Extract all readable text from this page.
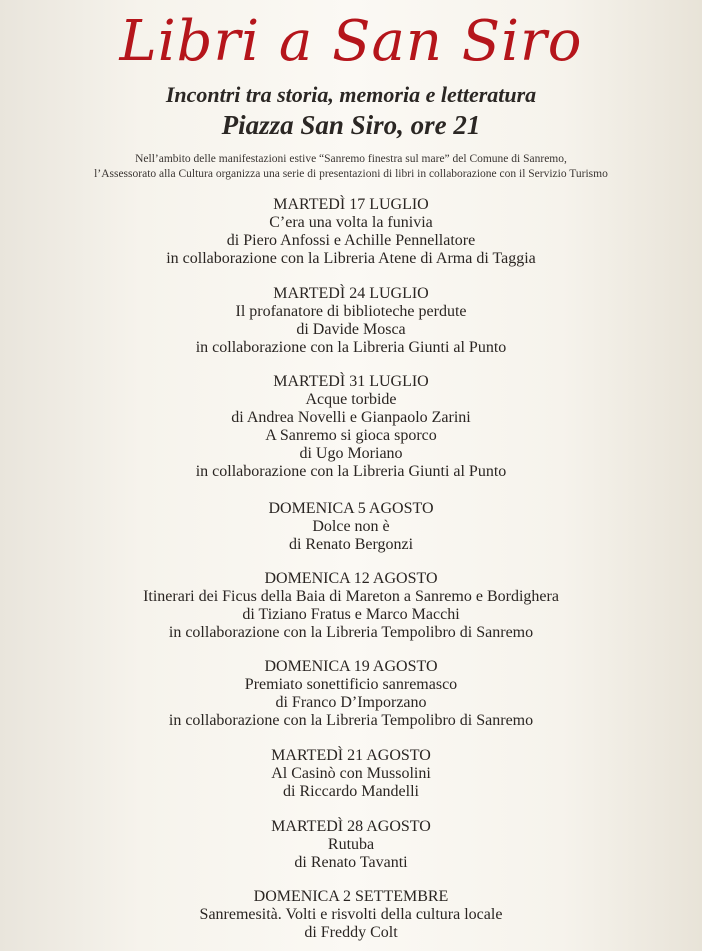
Libri a San Siro
Incontri tra storia, memoria e letteratura
Piazza San Siro, ore 21
Nell’ambito delle manifestazioni estive “Sanremo finestra sul mare” del Comune di Sanremo,
l’Assessorato alla Cultura organizza una serie di presentazioni di libri in collaborazione con il Servizio Turismo
MARTEDÌ 17 LUGLIO
C’era una volta la funivia
di Piero Anfossi e Achille Pennellatore
in collaborazione con la Libreria Atene di Arma di Taggia
MARTEDÌ 24 LUGLIO
Il profanatore di biblioteche perdute
di Davide Mosca
in collaborazione con la Libreria Giunti al Punto
MARTEDÌ 31 LUGLIO
Acque torbide
di Andrea Novelli e Gianpaolo Zarini
A Sanremo si gioca sporco
di Ugo Moriano
in collaborazione con la Libreria Giunti al Punto
DOMENICA 5 AGOSTO
Dolce non è
di Renato Bergonzi
DOMENICA 12 AGOSTO
Itinerari dei Ficus della Baia di Mareton a Sanremo e Bordighera
di Tiziano Fratus e Marco Macchi
in collaborazione con la Libreria Tempolibro di Sanremo
DOMENICA 19 AGOSTO
Premiato sonettificio sanremasco
di Franco D’Imporzano
in collaborazione con la Libreria Tempolibro di Sanremo
MARTEDÌ 21 AGOSTO
Al Casinò con Mussolini
di Riccardo Mandelli
MARTEDÌ 28 AGOSTO
Rutuba
di Renato Tavanti
DOMENICA 2 SETTEMBRE
Sanremesità. Volti e risvolti della cultura locale
di Freddy Colt
